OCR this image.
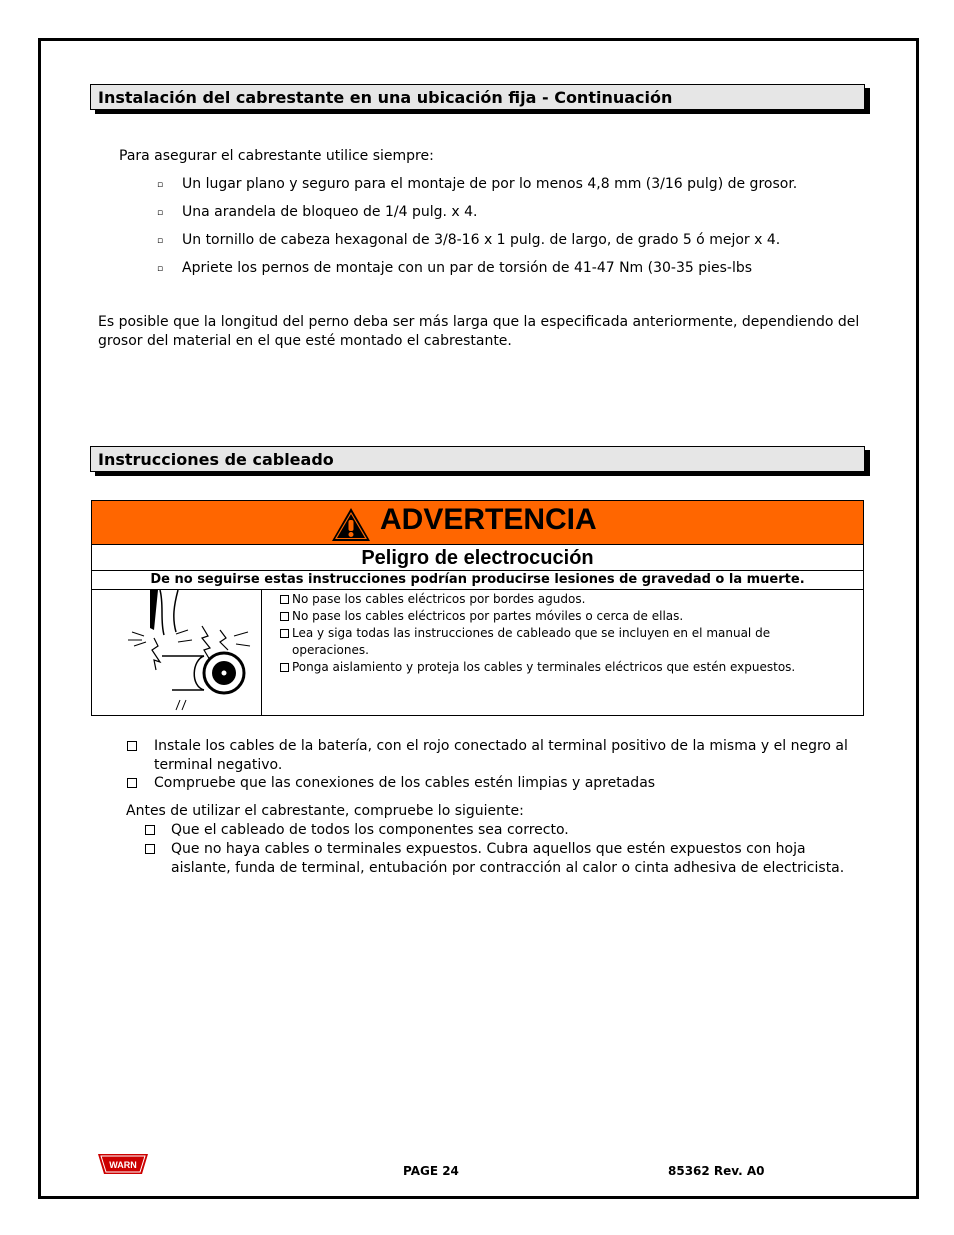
Instalación del cabrestante en una ubicación fija - Continuación
Para asegurar el cabrestante utilice siempre:
▫ Un lugar plano y seguro para el montaje de por lo menos 4,8 mm (3/16 pulg) de grosor.
▫ Una arandela de bloqueo de 1/4 pulg. x 4.
▫ Un tornillo de cabeza hexagonal de 3/8-16 x 1 pulg. de largo, de grado 5 ó mejor x 4.
▫ Apriete los pernos de montaje con un par de torsión de 41-47 Nm (30-35 pies-lbs
Es posible que la longitud del perno deba ser más larga que la especificada anteriormente, dependiendo del
grosor del material en el que esté montado el cabrestante.
Instrucciones de cableado
ADVERTENCIA
Peligro de electrocución
De no seguirse estas instrucciones podrían producirse lesiones de gravedad o la muerte.
No pase los cables eléctricos por bordes agudos.
No pase los cables eléctricos por partes móviles o cerca de ellas.
Lea y siga todas las instrucciones de cableado que se incluyen en el manual de operaciones.
Ponga aislamiento y proteja los cables y terminales eléctricos que estén expuestos.
Instale los cables de la batería, con el rojo conectado al terminal positivo de la misma y el negro al
terminal negativo.
Compruebe que las conexiones de los cables estén limpias y apretadas
Antes de utilizar el cabrestante, compruebe lo siguiente:
Que el cableado de todos los componentes sea correcto.
Que no haya cables o terminales expuestos. Cubra aquellos que estén expuestos con hoja
aislante, funda de terminal, entubación por contracción al calor o cinta adhesiva de electricista.
WARN	PAGE 24	85362 Rev. A0
